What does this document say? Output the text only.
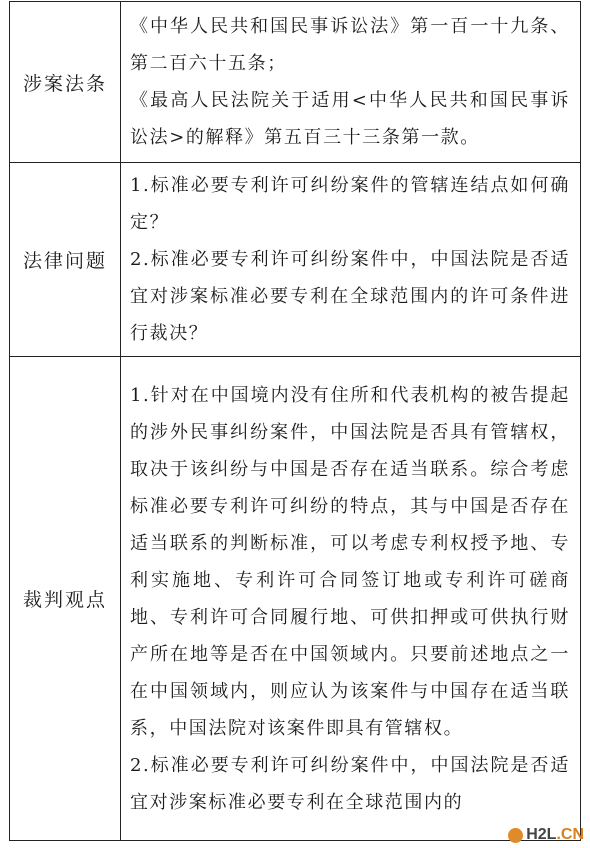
涉案法条	《中华人民共和国民事诉讼法》第一百一十九条、第二百六十五条；
《最高人民法院关于适用<中华人民共和国民事诉讼法>的解释》第五百三十三条第一款。

法律问题	1.标准必要专利许可纠纷案件的管辖连结点如何确定？
2.标准必要专利许可纠纷案件中，中国法院是否适宜对涉案标准必要专利在全球范围内的许可条件进行裁决？

裁判观点	1.针对在中国境内没有住所和代表机构的被告提起的涉外民事纠纷案件，中国法院是否具有管辖权，取决于该纠纷与中国是否存在适当联系。综合考虑标准必要专利许可纠纷的特点，其与中国是否存在适当联系的判断标准，可以考虑专利权授予地、专利实施地、专利许可合同签订地或专利许可磋商地、专利许可合同履行地、可供扣押或可供执行财产所在地等是否在中国领域内。只要前述地点之一在中国领域内，则应认为该案件与中国存在适当联系，中国法院对该案件即具有管辖权。
2.标准必要专利许可纠纷案件中，中国法院是否适宜对涉案标准必要专利在全球范围内的
H2L.CN
